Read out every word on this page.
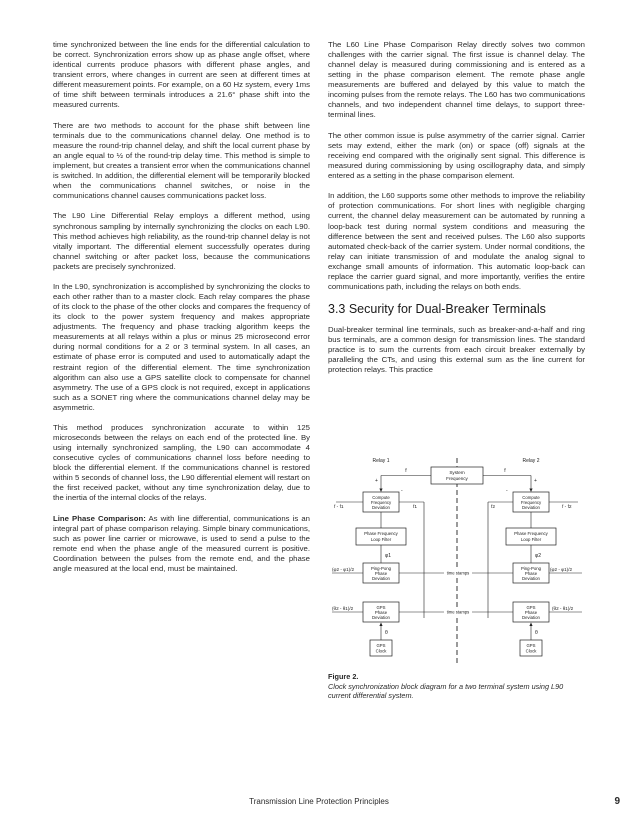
time synchronized between the line ends for the differential calculation to be correct. Synchronization errors show up as phase angle offset, where identical currents produce phasors with different phase angles, and transient errors, where changes in current are seen at different times at different measurement points. For example, on a 60 Hz system, every 1ms of time shift between terminals introduces a 21.6° phase shift into the measured currents.

There are two methods to account for the phase shift between line terminals due to the communications channel delay. One method is to measure the round-trip channel delay, and shift the local current phase by an angle equal to ½ of the round-trip delay time. This method is simple to implement, but creates a transient error when the communications channel is switched. In addition, the differential element will be temporarily blocked when the communications channel switches, or noise in the communications channel causes communications packet loss.

The L90 Line Differential Relay employs a different method, using synchronous sampling by internally synchronizing the clocks on each L90. This method achieves high reliability, as the round-trip channel delay is not vitally important. The differential element successfully operates during channel switching or after packet loss, because the communications packets are precisely synchronized.

In the L90, synchronization is accomplished by synchronizing the clocks to each other rather than to a master clock. Each relay compares the phase of its clock to the phase of the other clocks and compares the frequency of its clock to the power system frequency and makes appropriate adjustments. The frequency and phase tracking algorithm keeps the measurements at all relays within a plus or minus 25 microsecond error during normal conditions for a 2 or 3 terminal system. In all cases, an estimate of phase error is computed and used to automatically adapt the restraint region of the differential element. The time synchronization algorithm can also use a GPS satellite clock to compensate for channel asymmetry. The use of a GPS clock is not required, except in applications such as a SONET ring where the communications channel delay may be asymmetric.

This method produces synchronization accurate to within 125 microseconds between the relays on each end of the protected line. By using internally synchronized sampling, the L90 can accommodate 4 consecutive cycles of communications channel loss before needing to block the differential element. If the communications channel is restored within 5 seconds of channel loss, the L90 differential element will restart on the first received packet, without any time synchronization delay, due to the inertia of the internal clocks of the relays.

Line Phase Comparison: As with line differential, communications is an integral part of phase comparison relaying. Simple binary communications, such as power line carrier or microwave, is used to send a pulse to the remote end when the phase angle of the measured current is positive. Coordination between the pulses from the remote end, and the phase angle measured at the local end, must be maintained.

The L60 Line Phase Comparison Relay directly solves two common challenges with the carrier signal. The first issue is channel delay. The channel delay is measured during commissioning and is entered as a setting in the phase comparison element. The remote phase angle measurements are buffered and delayed by this value to match the incoming pulses from the remote relays. The L60 has two communications channels, and two independent channel time delays, to support three-terminal lines.

The other common issue is pulse asymmetry of the carrier signal. Carrier sets may extend, either the mark (on) or space (off) signals at the receiving end compared with the originally sent signal. This difference is measured during commissioning by using oscillography data, and simply entered as a setting in the phase comparison element.

In addition, the L60 supports some other methods to improve the reliability of protection communications. For short lines with negligible charging current, the channel delay measurement can be automated by running a loop-back test during normal system conditions and measuring the difference between the sent and received pulses. The L60 also supports automated check-back of the carrier system. Under normal conditions, the relay can initiate transmission of and modulate the analog signal to exchange small amounts of information. This automatic loop-back can replace the carrier guard signal, and more importantly, verifies the entire communications path, including the relays on both ends.

3.3 Security for Dual-Breaker Terminals

Dual-breaker terminal line terminals, such as breaker-and-a-half and ring bus terminals, are a common design for transmission lines. The standard practice is to sum the currents from each circuit breaker externally by paralleling the CTs, and using this external sum as the line current for protection relays. This practice

Relay 1	Relay 2
System
Frequency
f	f
+	+
-	-
Compute
Frequency
Deviation
Compute
Frequency
Deviation
f - f1	f - f2
f1	f2
Phase Frequency
Loop Filter
Phase Frequency
Loop Filter
φ1	φ2
Ping-Pong
Phase
Deviation
Ping-Pong
Phase
Deviation
(φ2 - φ1)/2	(φ2 - φ1)/2
time stamps
GPS
Phase
Deviation
GPS
Phase
Deviation
(θ2 - θ1)/2	(θ2 - θ1)/2
time stamps
θ	θ
GPS
Clock
GPS
Clock
Figure 2.
Clock synchronization block diagram for a two terminal system using L90 current differential system.
Transmission Line Protection Principles	9
